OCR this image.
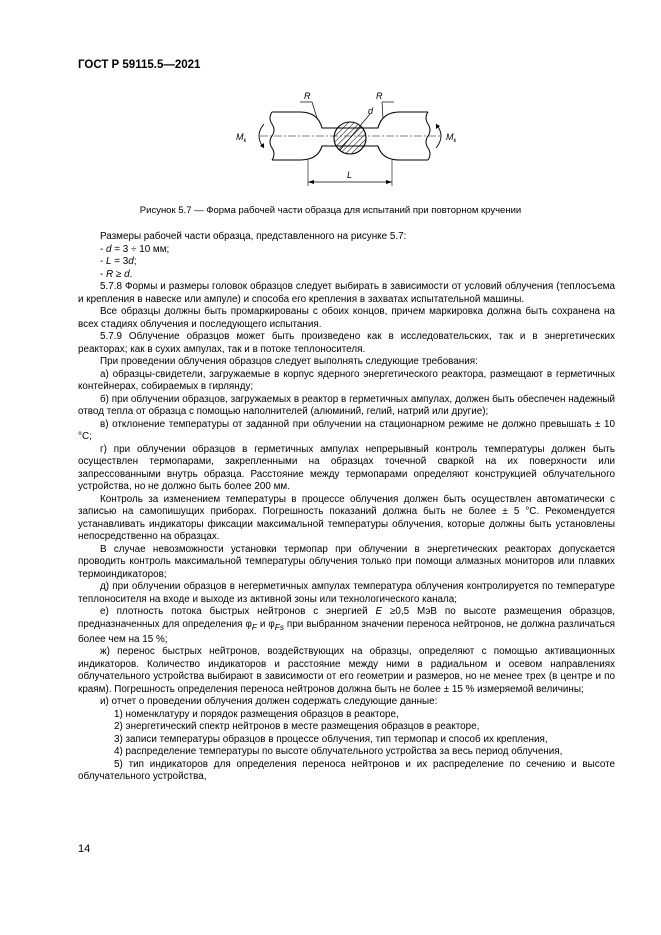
ГОСТ Р 59115.5—2021
d
R	R
L
$M_к$	$M_к$
Рисунок 5.7 — Форма рабочей части образца для испытаний при повторном кручении

Размеры рабочей части образца, представленного на рисунке 5.7:

- d = 3 ÷ 10 мм;

- L = 3d;

- R ≥ d.

5.7.8 Формы и размеры головок образцов следует выбирать в зависимости от условий облучения (теплосъема и крепления в навеске или ампуле) и способа его крепления в захватах испытательной машины.

Все образцы должны быть промаркированы с обоих концов, причем маркировка должна быть сохранена на всех стадиях облучения и последующего испытания.

5.7.9 Облучение образцов может быть произведено как в исследовательских, так и в энергетических реакторах; как в сухих ампулах, так и в потоке теплоносителя.

При проведении облучения образцов следует выполнять следующие требования:

а) образцы-свидетели, загружаемые в корпус ядерного энергетического реактора, размещают в герметичных контейнерах, собираемых в гирлянду;

б) при облучении образцов, загружаемых в реактор в герметичных ампулах, должен быть обеспечен надежный отвод тепла от образца с помощью наполнителей (алюминий, гелий, натрий или другие);

в) отклонение температуры от заданной при облучении на стационарном режиме не должно превышать ± 10 °С;

г) при облучении образцов в герметичных ампулах непрерывный контроль температуры должен быть осуществлен термопарами, закрепленными на образцах точечной сваркой на их поверхности или запрессованными внутрь образца. Расстояние между термопарами определяют конструкцией облучательного устройства, но не должно быть более 200 мм.

Контроль за изменением температуры в процессе облучения должен быть осуществлен автоматически с записью на самопишущих приборах. Погрешность показаний должна быть не более ± 5 °С. Рекомендуется устанавливать индикаторы фиксации максимальной температуры облучения, которые должны быть установлены непосредственно на образцах.

В случае невозможности установки термопар при облучении в энергетических реакторах допускается проводить контроль максимальной температуры облучения только при помощи алмазных мониторов или плавких термоиндикаторов;

д) при облучении образцов в негерметичных ампулах температура облучения контролируется по температуре теплоносителя на входе и выходе из активной зоны или технологического канала;

е) плотность потока быстрых нейтронов с энергией E ≥0,5 МэВ по высоте размещения образцов, предназначенных для определения $\varphi_F$ и $\varphi_{Fs}$ при выбранном значении переноса нейтронов, не должна различаться более чем на 15 %;

ж) перенос быстрых нейтронов, воздействующих на образцы, определяют с помощью активационных индикаторов. Количество индикаторов и расстояние между ними в радиальном и осевом направлениях облучательного устройства выбирают в зависимости от его геометрии и размеров, но не менее трех (в центре и по краям). Погрешность определения переноса нейтронов должна быть не более ± 15 % измеряемой величины;

и) отчет о проведении облучения должен содержать следующие данные:

1) номенклатуру и порядок размещения образцов в реакторе,

2) энергетический спектр нейтронов в месте размещения образцов в реакторе,

3) записи температуры образцов в процессе облучения, тип термопар и способ их крепления,

4) распределение температуры по высоте облучательного устройства за весь период облучения,

5) тип индикаторов для определения переноса нейтронов и их распределение по сечению и высоте облучательного устройства,

14
